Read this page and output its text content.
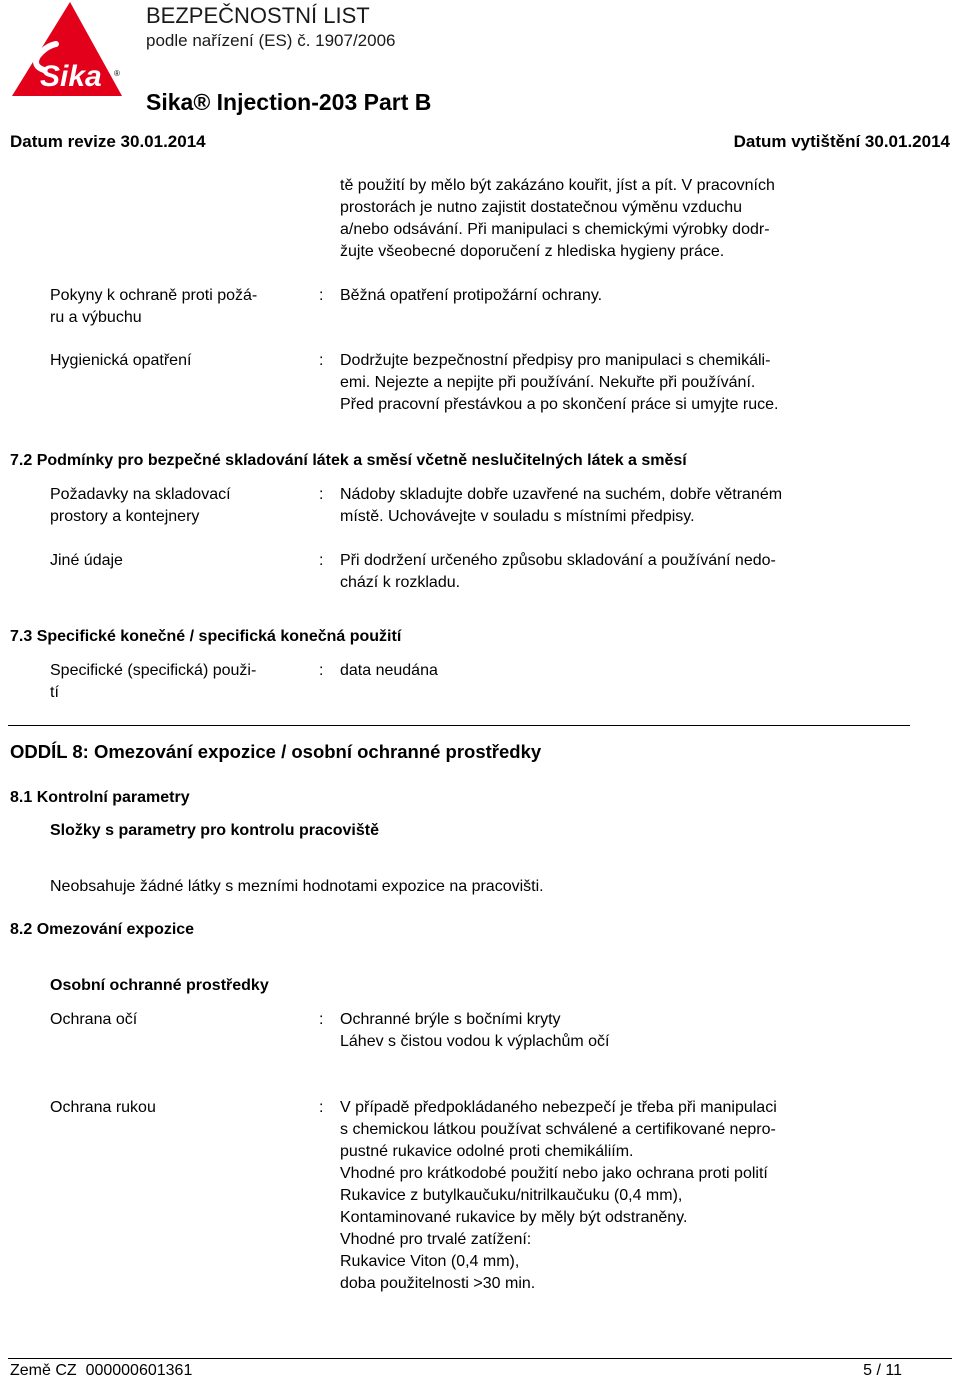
Sika ®
BEZPEČNOSTNÍ LIST
podle nařízení (ES) č. 1907/2006
Sika® Injection-203 Part B
Datum revize 30.01.2014	Datum vytištění 30.01.2014
tě použití by mělo být zakázáno kouřit, jíst a pít. V pracovních
prostorách je nutno zajistit dostatečnou výměnu vzduchu
a/nebo odsávání. Při manipulaci s chemickými výrobky dodr-
žujte všeobecné doporučení z hlediska hygieny práce.
Pokyny k ochraně proti požá-
ru a výbuchu
: Běžná opatření protipožární ochrany.
Hygienická opatření	: Dodržujte bezpečnostní předpisy pro manipulaci s chemikáli-
emi. Nejezte a nepijte při používání. Nekuřte při používání.
Před pracovní přestávkou a po skončení práce si umyjte ruce.
7.2 Podmínky pro bezpečné skladování látek a směsí včetně neslučitelných látek a směsí
Požadavky na skladovací
prostory a kontejnery
: Nádoby skladujte dobře uzavřené na suchém, dobře větraném
místě. Uchovávejte v souladu s místními předpisy.
Jiné údaje	: Při dodržení určeného způsobu skladování a používání nedo-
chází k rozkladu.
7.3 Specifické konečné / specifická konečná použití
Specifické (specifická) použi-
tí
: data neudána
ODDÍL 8: Omezování expozice / osobní ochranné prostředky
8.1 Kontrolní parametry
Složky s parametry pro kontrolu pracoviště
Neobsahuje žádné látky s mezními hodnotami expozice na pracovišti.
8.2 Omezování expozice
Osobní ochranné prostředky
Ochrana očí	: Ochranné brýle s bočními kryty
Láhev s čistou vodou k výplachům očí
Ochrana rukou	: V případě předpokládaného nebezpečí je třeba při manipulaci
s chemickou látkou používat schválené a certifikované nepro-
pustné rukavice odolné proti chemikáliím.
Vhodné pro krátkodobé použití nebo jako ochrana proti polití
Rukavice z butylkaučuku/nitrilkaučuku (0,4 mm),
Kontaminované rukavice by měly být odstraněny.
Vhodné pro trvalé zatížení:
Rukavice Viton (0,4 mm),
doba použitelnosti >30 min.
Země CZ  000000601361	5 / 11
